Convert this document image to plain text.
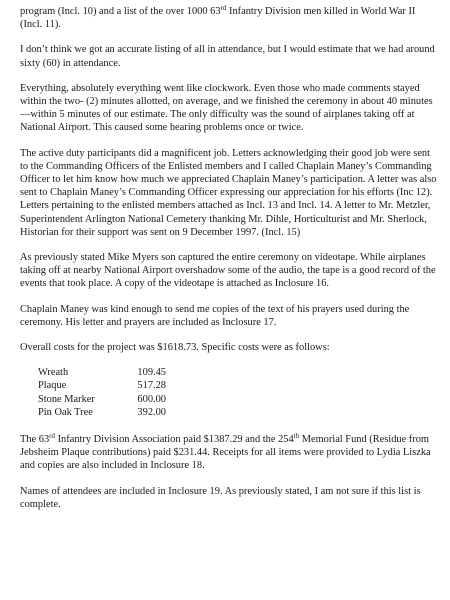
program (Incl. 10) and a list of the over 1000 63rd Infantry Division men killed in World War II (Incl. 11).

I don’t think we got an accurate listing of all in attendance, but I would estimate that we had around sixty (60) in attendance.

Everything, absolutely everything went like clockwork. Even those who made comments stayed within the two- (2) minutes allotted, on average, and we finished the ceremony in about 40 minutes—within 5 minutes of our estimate. The only difficulty was the sound of airplanes taking off at National Airport. This caused some hearing problems once or twice.

The active duty participants did a magnificent job. Letters acknowledging their good job were sent to the Commanding Officers of the Enlisted members and I called Chaplain Maney’s Commanding Officer to let him know how much we appreciated Chaplain Maney’s participation. A letter was also sent to Chaplain Maney’s Commanding Officer expressing our appreciation for his efforts (Inc 12). Letters pertaining to the enlisted members attached as Incl. 13 and Incl. 14. A letter to Mr. Metzler, Superintendent Arlington National Cemetery thanking Mr. Dihle, Horticulturist and Mr. Sherlock, Historian for their support was sent on 9 December 1997. (Incl. 15)

As previously stated Mike Myers son captured the entire ceremony on videotape. While airplanes taking off at nearby National Airport overshadow some of the audio, the tape is a good record of the events that took place. A copy of the videotape is attached as Inclosure 16.

Chaplain Maney was kind enough to send me copies of the text of his prayers used during the ceremony. His letter and prayers are included as Inclosure 17.

Overall costs for the project was $1618.73. Specific costs were as follows:

Wreath	109.45
Plaque	517.28
Stone Marker	600.00
Pin Oak Tree	392.00

The 63rd Infantry Division Association paid $1387.29 and the 254th Memorial Fund (Residue from Jebsheim Plaque contributions) paid $231.44. Receipts for all items were provided to Lydia Liszka and copies are also included in Inclosure 18.

Names of attendees are included in Inclosure 19. As previously stated, I am not sure if this list is complete.
